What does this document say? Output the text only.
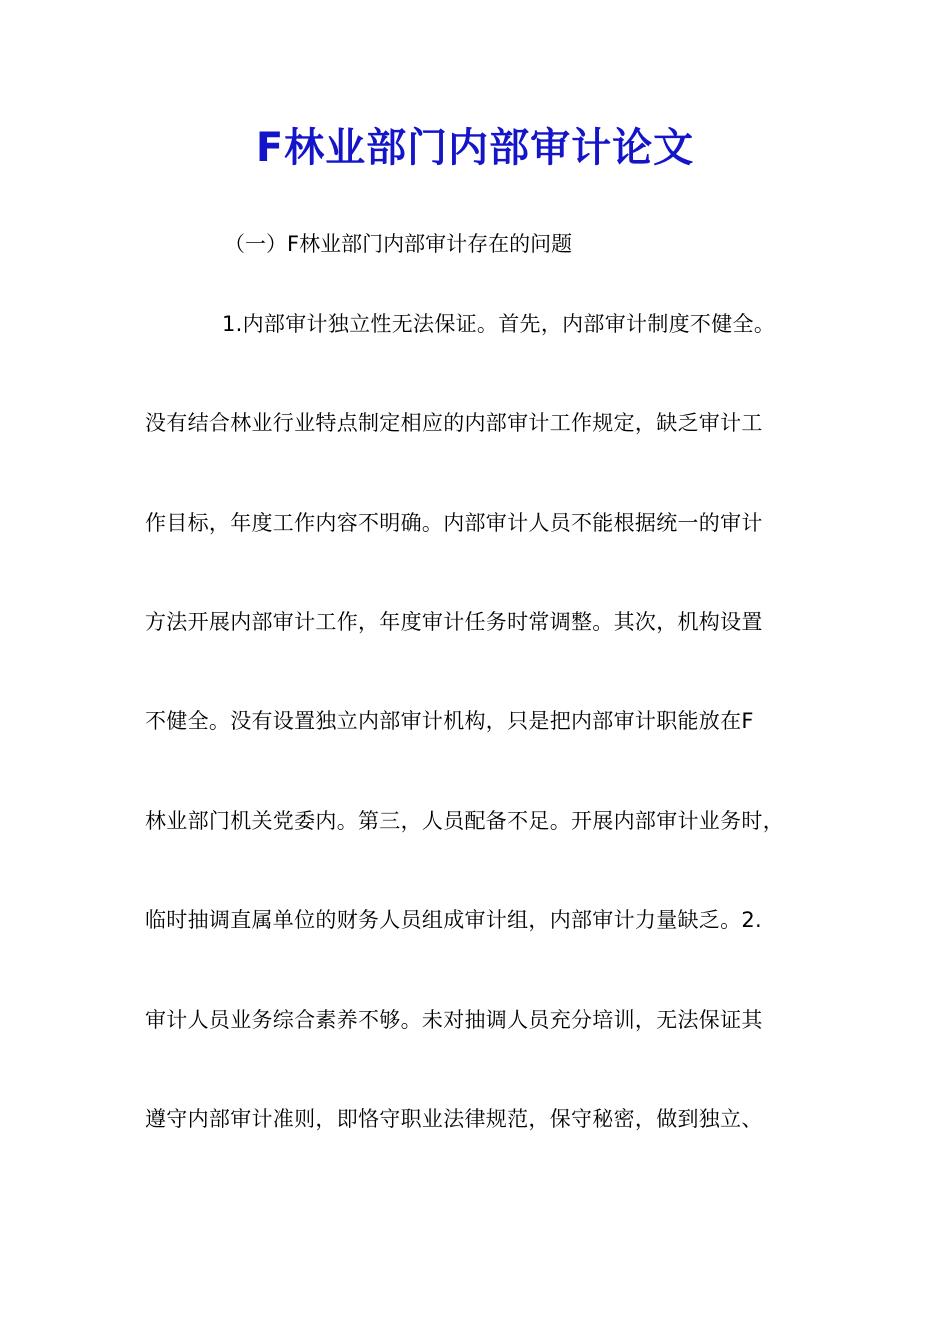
F林业部门内部审计论文
（一）F林业部门内部审计存在的问题
1.内部审计独立性无法保证。首先，内部审计制度不健全。
没有结合林业行业特点制定相应的内部审计工作规定，缺乏审计工
作目标，年度工作内容不明确。内部审计人员不能根据统一的审计
方法开展内部审计工作，年度审计任务时常调整。其次，机构设置
不健全。没有设置独立内部审计机构，只是把内部审计职能放在F
林业部门机关党委内。第三，人员配备不足。开展内部审计业务时，
临时抽调直属单位的财务人员组成审计组，内部审计力量缺乏。2.
审计人员业务综合素养不够。未对抽调人员充分培训，无法保证其
遵守内部审计准则，即恪守职业法律规范，保守秘密，做到独立、
